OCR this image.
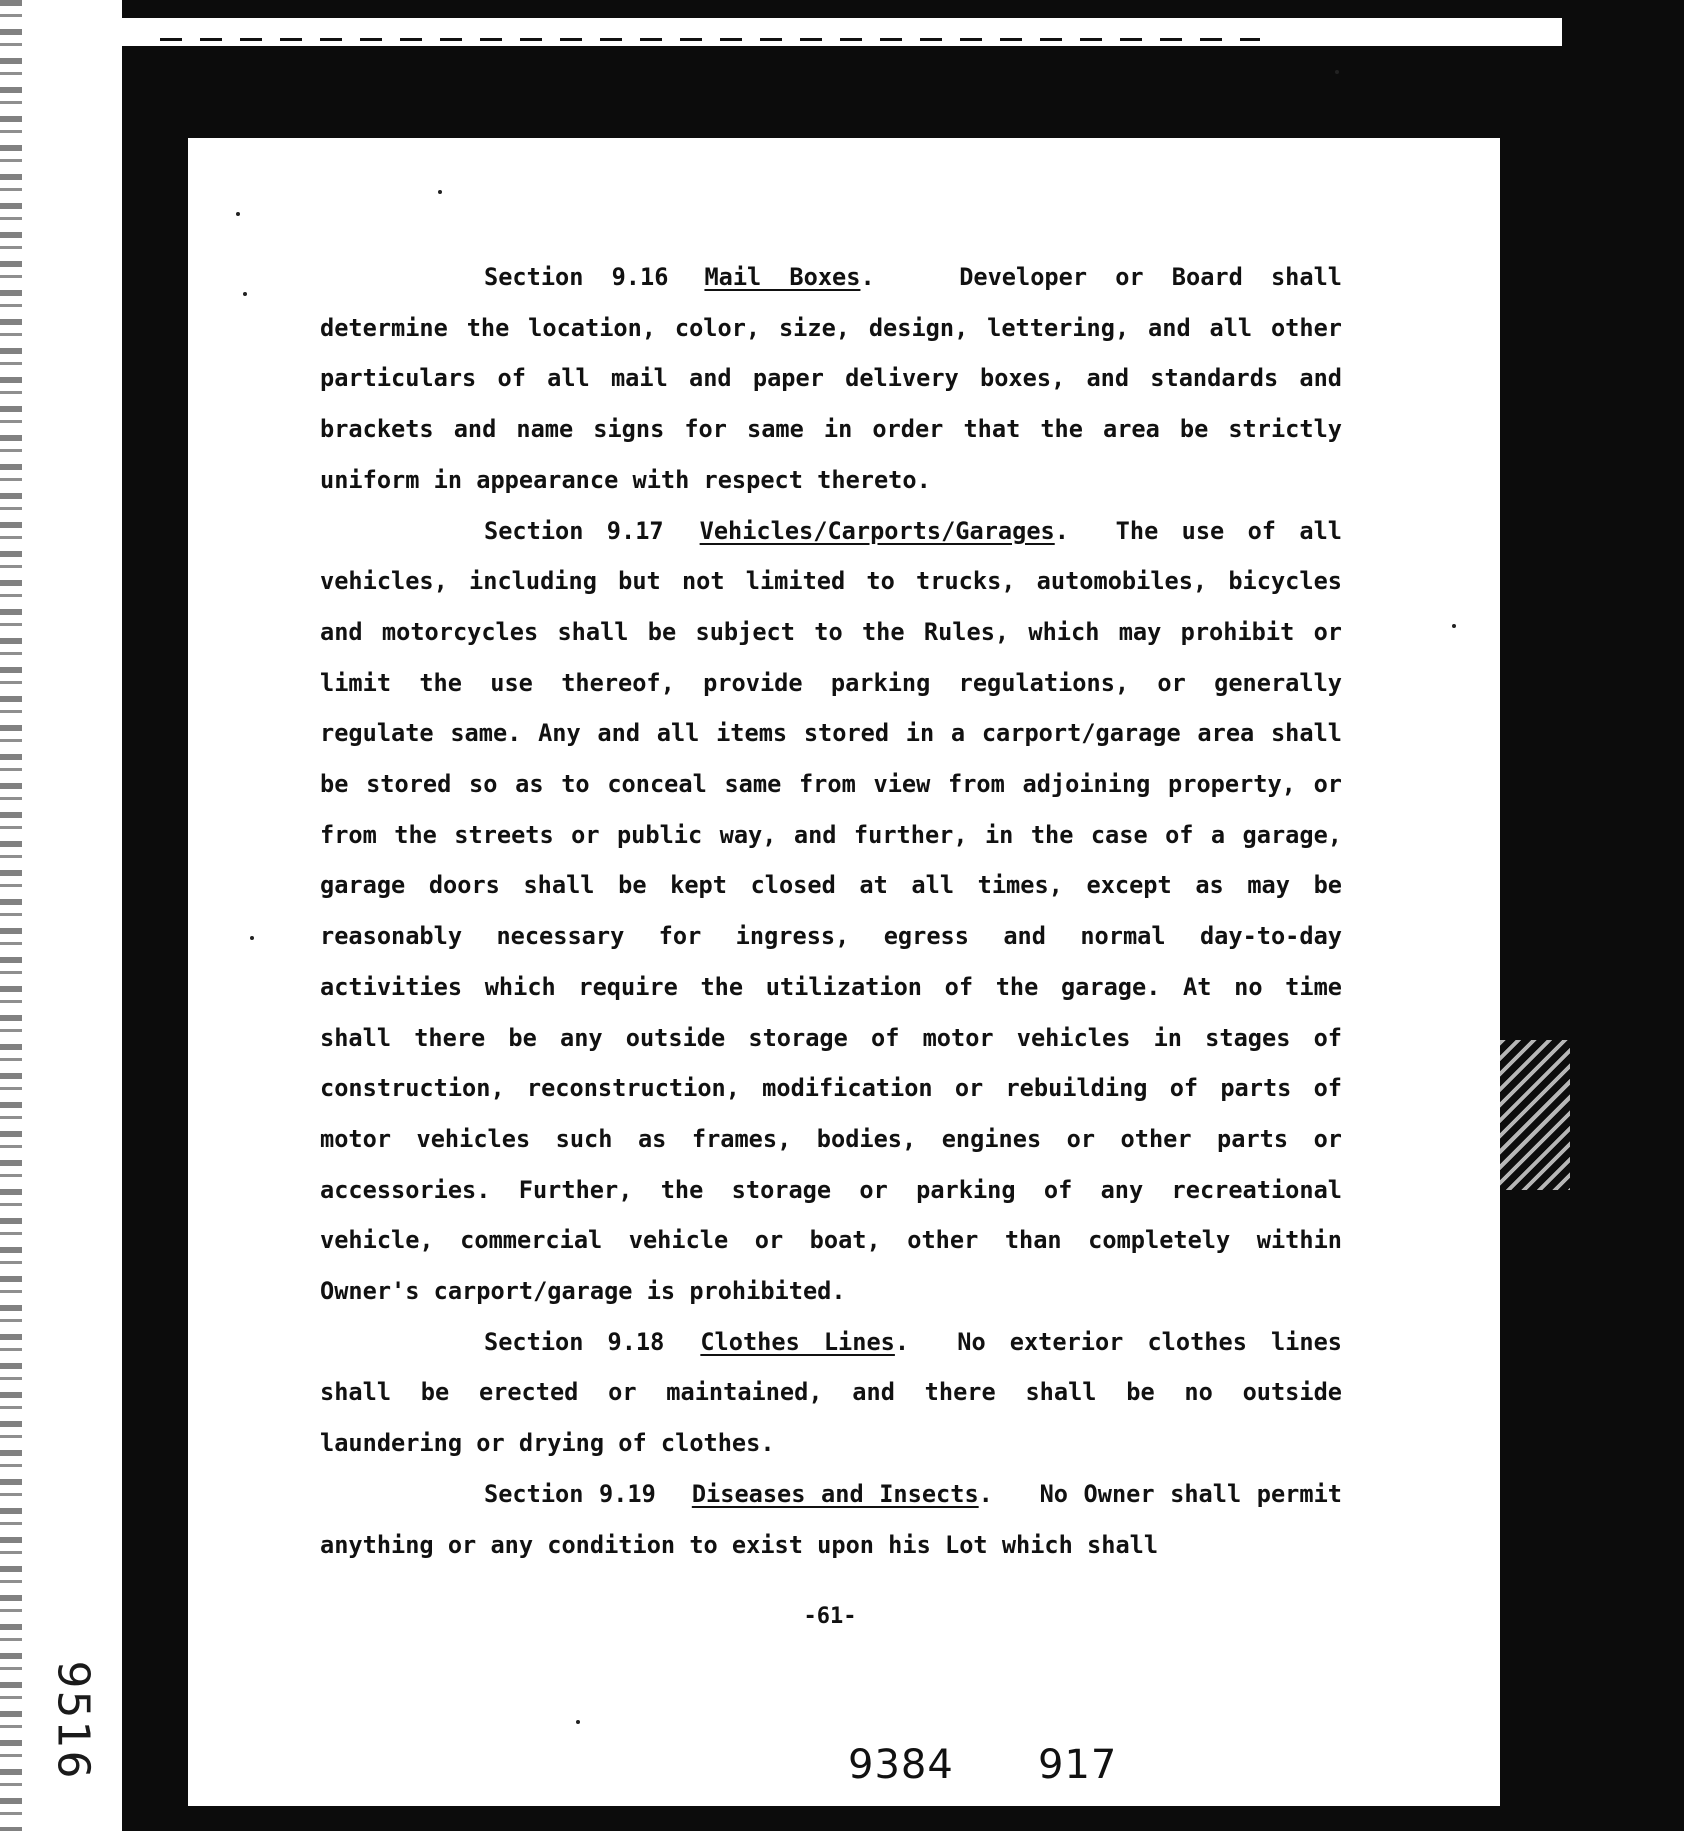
9516

Section 9.16 Mail Boxes.   Developer or Board shall determine the location, color, size, design, lettering, and all other particulars of all mail and paper delivery boxes, and standards and brackets and name signs for same in order that the area be strictly uniform in appearance with respect thereto.

Section 9.17 Vehicles/Carports/Garages.  The use of all vehicles, including but not limited to trucks, automobiles, bicycles and motorcycles shall be subject to the Rules, which may prohibit or limit the use thereof, provide parking regulations, or generally regulate same. Any and all items stored in a carport/garage area shall be stored so as to conceal same from view from adjoining property, or from the streets or public way, and further, in the case of a garage, garage doors shall be kept closed at all times, except as may be reasonably necessary for ingress, egress and normal day-to-day activities which require the utilization of the garage. At no time shall there be any outside storage of motor vehicles in stages of construction, reconstruction, modification or rebuilding of parts of motor vehicles such as frames, bodies, engines or other parts or accessories. Further, the storage or parking of any recreational vehicle, commercial vehicle or boat, other than completely within Owner's carport/garage is prohibited.

Section 9.18 Clothes Lines.  No exterior clothes lines shall be erected or maintained, and there shall be no outside laundering or drying of clothes.

Section 9.19 Diseases and Insects.   No Owner shall permit anything or any condition to exist upon his Lot which shall

-61-
9384 917
